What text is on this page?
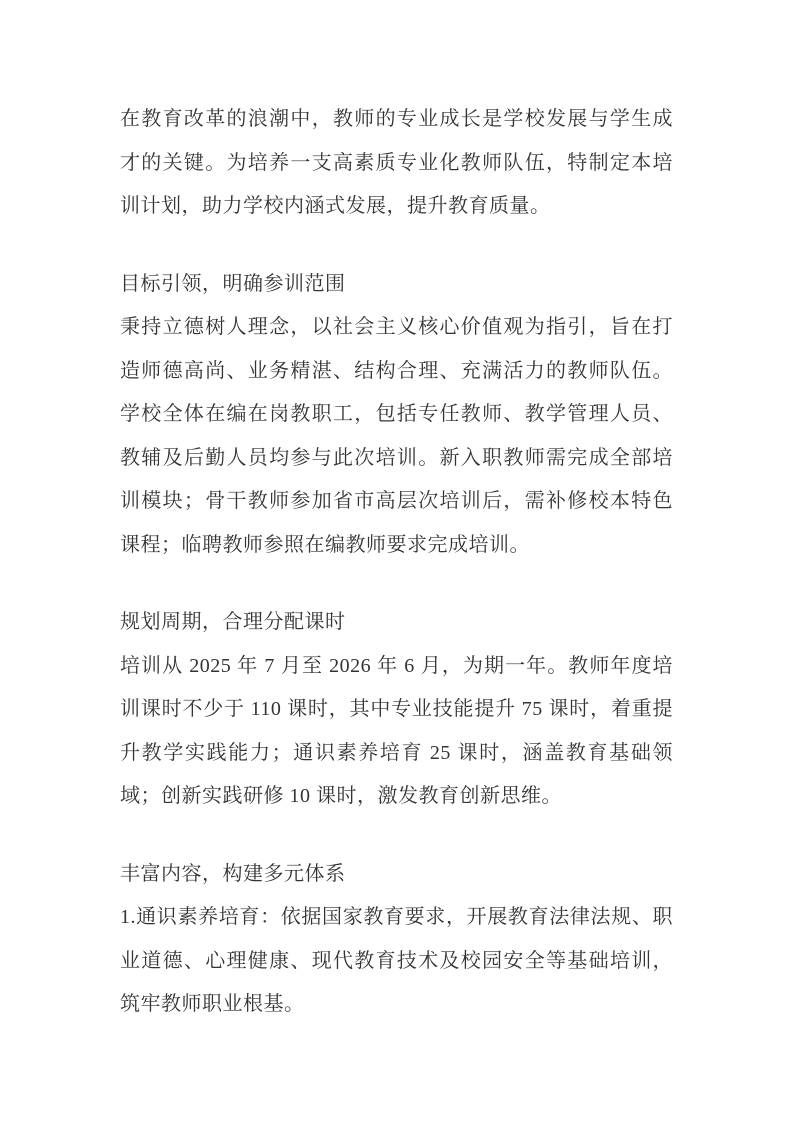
在教育改革的浪潮中，教师的专业成长是学校发展与学生成才的关键。为培养一支高素质专业化教师队伍，特制定本培训计划，助力学校内涵式发展，提升教育质量。

目标引领，明确参训范围

秉持立德树人理念，以社会主义核心价值观为指引，旨在打造师德高尚、业务精湛、结构合理、充满活力的教师队伍。学校全体在编在岗教职工，包括专任教师、教学管理人员、教辅及后勤人员均参与此次培训。新入职教师需完成全部培训模块；骨干教师参加省市高层次培训后，需补修校本特色课程；临聘教师参照在编教师要求完成培训。

规划周期，合理分配课时

培训从 2025 年 7 月至 2026 年 6 月，为期一年。教师年度培训课时不少于 110 课时，其中专业技能提升 75 课时，着重提升教学实践能力；通识素养培育 25 课时，涵盖教育基础领域；创新实践研修 10 课时，激发教育创新思维。

丰富内容，构建多元体系

1.通识素养培育：依据国家教育要求，开展教育法律法规、职业道德、心理健康、现代教育技术及校园安全等基础培训，筑牢教师职业根基。
